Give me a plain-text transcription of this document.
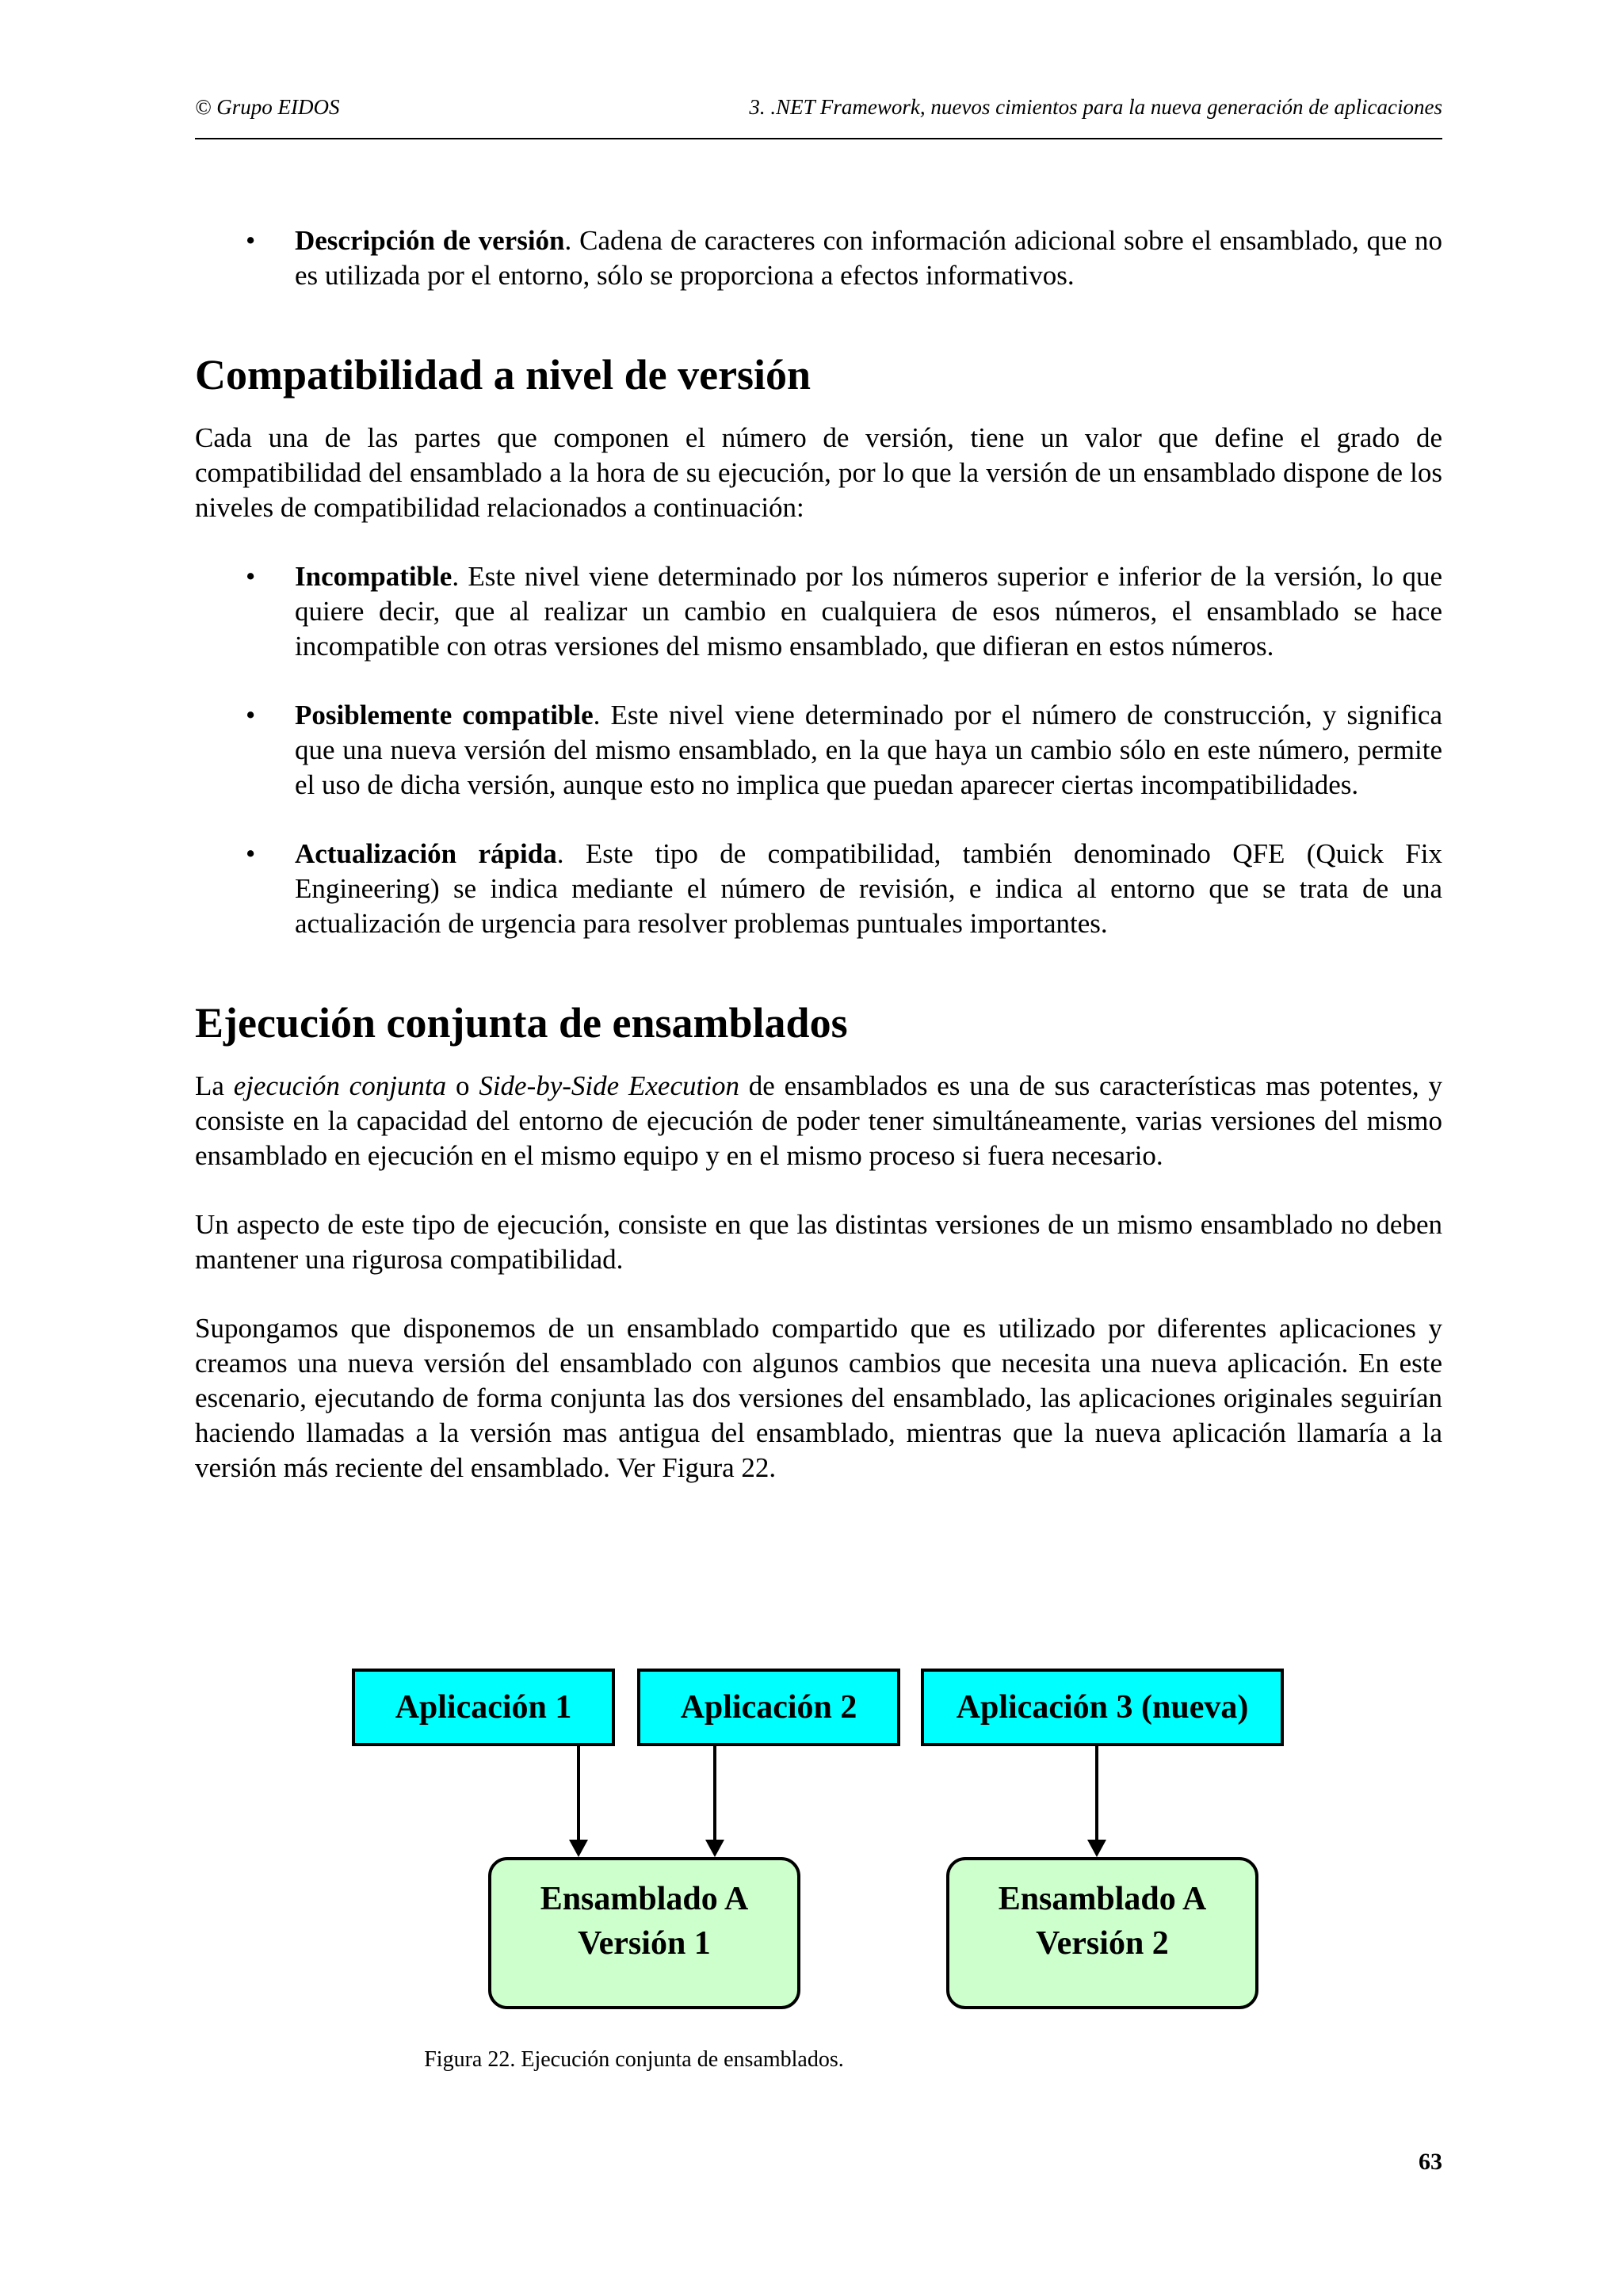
© Grupo EIDOS	3. .NET Framework, nuevos cimientos para la nueva generación de aplicaciones
• Descripción de versión. Cadena de caracteres con información adicional sobre el ensamblado, que no es utilizada por el entorno, sólo se proporciona a efectos informativos.
Compatibilidad a nivel de versión

Cada una de las partes que componen el número de versión, tiene un valor que define el grado de compatibilidad del ensamblado a la hora de su ejecución, por lo que la versión de un ensamblado dispone de los niveles de compatibilidad relacionados a continuación:

• Incompatible. Este nivel viene determinado por los números superior e inferior de la versión, lo que quiere decir, que al realizar un cambio en cualquiera de esos números, el ensamblado se hace incompatible con otras versiones del mismo ensamblado, que difieran en estos números.
• Posiblemente compatible. Este nivel viene determinado por el número de construcción, y significa que una nueva versión del mismo ensamblado, en la que haya un cambio sólo en este número, permite el uso de dicha versión, aunque esto no implica que puedan aparecer ciertas incompatibilidades.
• Actualización rápida. Este tipo de compatibilidad, también denominado QFE (Quick Fix Engineering) se indica mediante el número de revisión, e indica al entorno que se trata de una actualización de urgencia para resolver problemas puntuales importantes.
Ejecución conjunta de ensamblados

La ejecución conjunta o Side-by-Side Execution de ensamblados es una de sus características mas potentes, y consiste en la capacidad del entorno de ejecución de poder tener simultáneamente, varias versiones del mismo ensamblado en ejecución en el mismo equipo y en el mismo proceso si fuera necesario.

Un aspecto de este tipo de ejecución, consiste en que las distintas versiones de un mismo ensamblado no deben mantener una rigurosa compatibilidad.

Supongamos que disponemos de un ensamblado compartido que es utilizado por diferentes aplicaciones y creamos una nueva versión del ensamblado con algunos cambios que necesita una nueva aplicación. En este escenario, ejecutando de forma conjunta las dos versiones del ensamblado, las aplicaciones originales seguirían haciendo llamadas a la versión mas antigua del ensamblado, mientras que la nueva aplicación llamaría a la versión más reciente del ensamblado. Ver Figura 22.

Aplicación 1	Aplicación 2	Aplicación 3 (nueva)
Ensamblado A
Versión 1
Ensamblado A
Versión 2
Figura 22. Ejecución conjunta de ensamblados.
63
